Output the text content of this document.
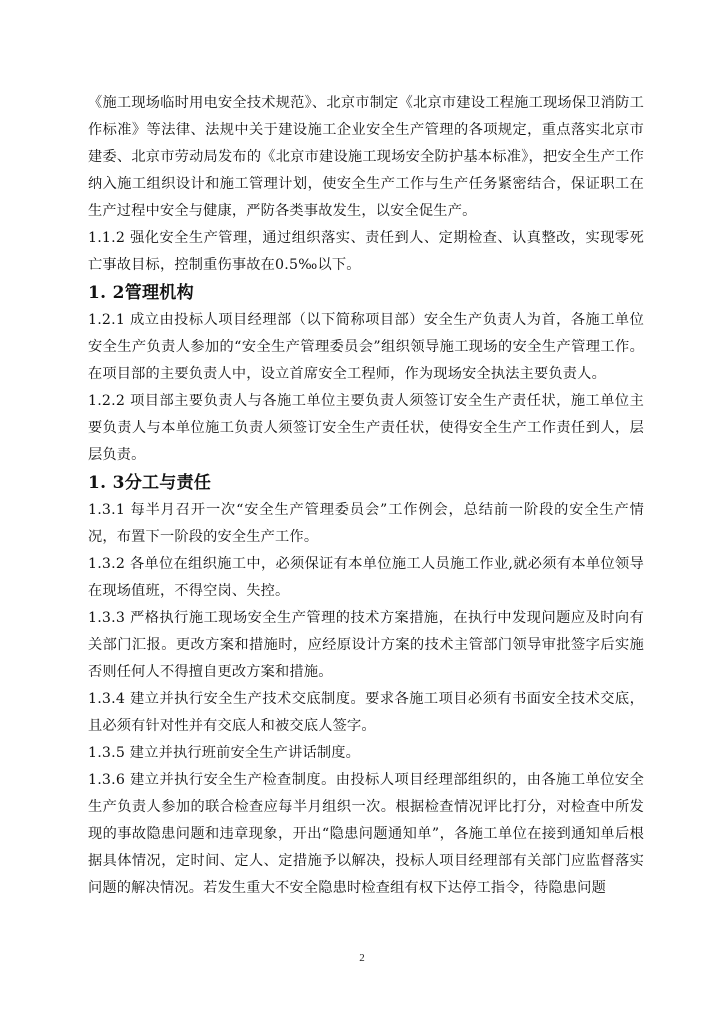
《施工现场临时用电安全技术规范》、北京市制定《北京市建设工程施工现场保卫消防工作标准》等法律、法规中关于建设施工企业安全生产管理的各项规定，重点落实北京市建委、北京市劳动局发布的《北京市建设施工现场安全防护基本标准》，把安全生产工作纳入施工组织设计和施工管理计划，使安全生产工作与生产任务紧密结合，保证职工在生产过程中安全与健康，严防各类事故发生，以安全促生产。

1.1.2 强化安全生产管理，通过组织落实、责任到人、定期检查、认真整改，实现零死亡事故目标，控制重伤事故在0.5‰以下。

1. 2管理机构

1.2.1 成立由投标人项目经理部（以下简称项目部）安全生产负责人为首，各施工单位安全生产负责人参加的“安全生产管理委员会”组织领导施工现场的安全生产管理工作。在项目部的主要负责人中，设立首席安全工程师，作为现场安全执法主要负责人。

1.2.2 项目部主要负责人与各施工单位主要负责人须签订安全生产责任状，施工单位主要负责人与本单位施工负责人须签订安全生产责任状，使得安全生产工作责任到人，层层负责。

1. 3分工与责任

1.3.1 每半月召开一次“安全生产管理委员会”工作例会，总结前一阶段的安全生产情况，布置下一阶段的安全生产工作。

1.3.2 各单位在组织施工中，必须保证有本单位施工人员施工作业,就必须有本单位领导在现场值班，不得空岗、失控。

1.3.3 严格执行施工现场安全生产管理的技术方案措施，在执行中发现问题应及时向有关部门汇报。更改方案和措施时，应经原设计方案的技术主管部门领导审批签字后实施否则任何人不得擅自更改方案和措施。

1.3.4 建立并执行安全生产技术交底制度。要求各施工项目必须有书面安全技术交底，且必须有针对性并有交底人和被交底人签字。

1.3.5 建立并执行班前安全生产讲话制度。

1.3.6 建立并执行安全生产检查制度。由投标人项目经理部组织的，由各施工单位安全生产负责人参加的联合检查应每半月组织一次。根据检查情况评比打分，对检查中所发现的事故隐患问题和违章现象，开出“隐患问题通知单”，各施工单位在接到通知单后根据具体情况，定时间、定人、定措施予以解决，投标人项目经理部有关部门应监督落实问题的解决情况。若发生重大不安全隐患时检查组有权下达停工指令，待隐患问题

2
